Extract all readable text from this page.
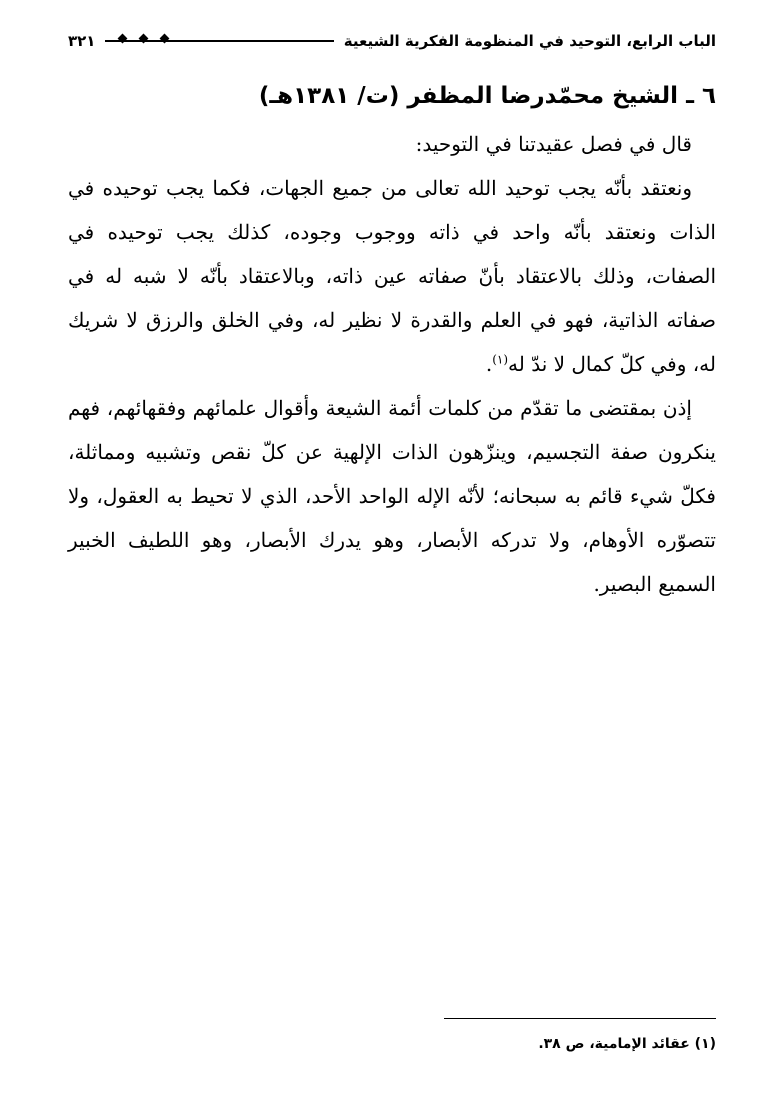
الباب الرابع، التوحيد في المنظومة الفكرية الشيعية
٣٢١
٦ ـ الشيخ محمّدرضا المظفر (ت/ ١٣٨١هـ)

قال في فصل عقيدتنا في التوحيد:

ونعتقد بأنّه يجب توحيد الله تعالى من جميع الجهات، فكما يجب توحيده في الذات ونعتقد بأنّه واحد في ذاته ووجوب وجوده، كذلك يجب توحيده في الصفات، وذلك بالاعتقاد بأنّ صفاته عين ذاته، وبالاعتقاد بأنّه لا شبه له في صفاته الذاتية، فهو في العلم والقدرة لا نظير له، وفي الخلق والرزق لا شريك له، وفي كلّ كمال لا ندّ له$^{(١)}$.

إذن بمقتضى ما تقدّم من كلمات أئمة الشيعة وأقوال علمائهم وفقهائهم، فهم ينكرون صفة التجسيم، وينزّهون الذات الإلهية عن كلّ نقص وتشبيه ومماثلة، فكلّ شيء قائم به سبحانه؛ لأنّه الإله الواحد الأحد، الذي لا تحيط به العقول، ولا تتصوّره الأوهام، ولا تدركه الأبصار، وهو يدرك الأبصار، وهو اللطيف الخبير السميع البصير.

(١) عقائد الإمامية، ص ٣٨.
